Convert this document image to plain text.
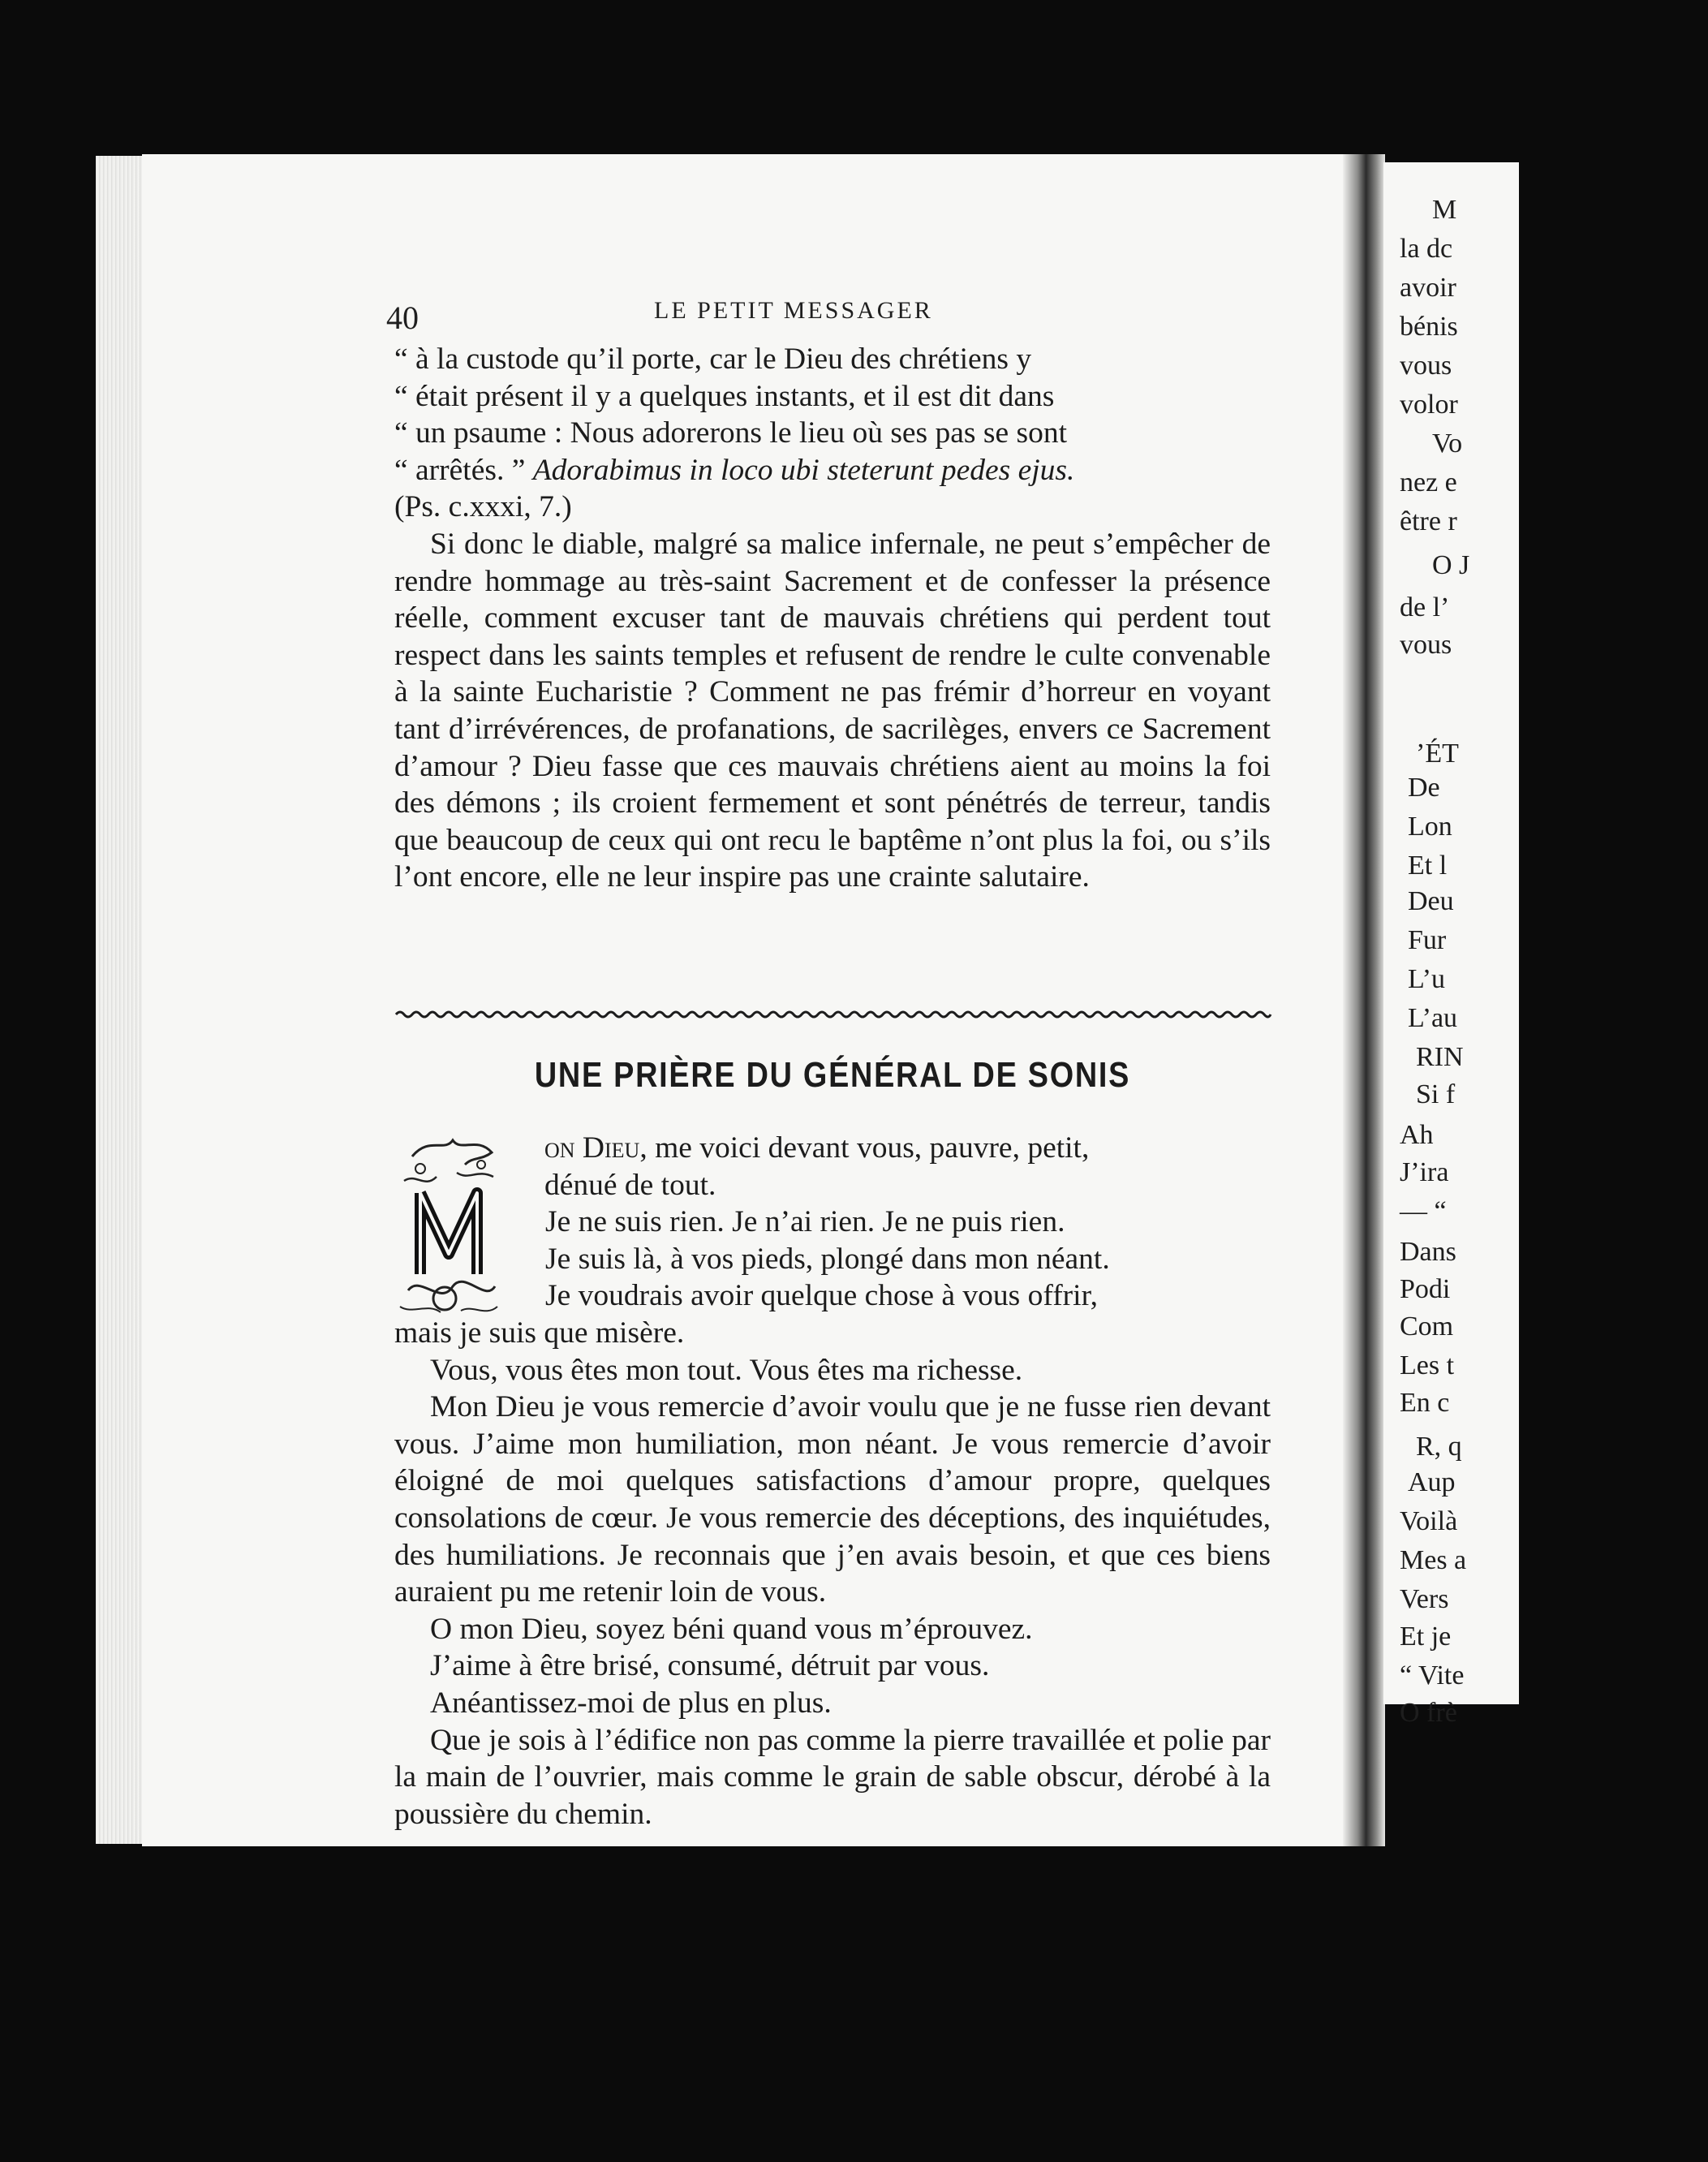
M
la dc
avoir
bénis
vous
volor
Vo
nez e
être r
O J
de l’
vous
’ÉT
De
Lon
Et l
Deu
Fur
L’u
L’au
RIN
Si f
Ah
J’ira
— “
Dans
Podi
Com
Les t
En c
R, q
Aup
Voilà
Mes a
Vers
Et je
“ Vite
O frè
40	LE PETIT MESSAGER

“ à la custode qu’il porte, car le Dieu des chrétiens y

“ était présent il y a quelques instants, et il est dit dans

“ un psaume : Nous adorerons le lieu où ses pas se sont

“ arrêtés. ” Adorabimus in loco ubi steterunt pedes ejus.

(Ps. c.xxxi, 7.)

Si donc le diable, malgré sa malice infernale, ne peut s’empêcher de rendre hommage au très-saint Sacrement et de confesser la présence réelle, comment excuser tant de mauvais chrétiens qui perdent tout respect dans les saints temples et refusent de rendre le culte convenable à la sainte Eucharistie ? Comment ne pas frémir d’horreur en voyant tant d’irrévérences, de profanations, de sacrilèges, envers ce Sacrement d’amour ? Dieu fasse que ces mauvais chrétiens aient au moins la foi des démons ; ils croient fermement et sont pénétrés de terreur, tandis que beaucoup de ceux qui ont recu le baptême n’ont plus la foi, ou s’ils l’ont encore, elle ne leur inspire pas une crainte salutaire.

UNE PRIÈRE DU GÉNÉRAL DE SONIS

on Dieu, me voici devant vous, pauvre, petit,

dénué de tout.

Je ne suis rien. Je n’ai rien. Je ne puis rien.

Je suis là, à vos pieds, plongé dans mon néant.

Je voudrais avoir quelque chose à vous offrir,

mais je suis que misère.

Vous, vous êtes mon tout. Vous êtes ma richesse.

Mon Dieu je vous remercie d’avoir voulu que je ne fusse rien devant vous. J’aime mon humiliation, mon néant. Je vous remercie d’avoir éloigné de moi quelques satisfactions d’amour propre, quelques consolations de cœur. Je vous remercie des déceptions, des inquiétudes, des humiliations. Je reconnais que j’en avais besoin, et que ces biens auraient pu me retenir loin de vous.

O mon Dieu, soyez béni quand vous m’éprouvez.

J’aime à être brisé, consumé, détruit par vous.

Anéantissez-moi de plus en plus.

Que je sois à l’édifice non pas comme la pierre travaillée et polie par la main de l’ouvrier, mais comme le grain de sable obscur, dérobé à la poussière du chemin.
